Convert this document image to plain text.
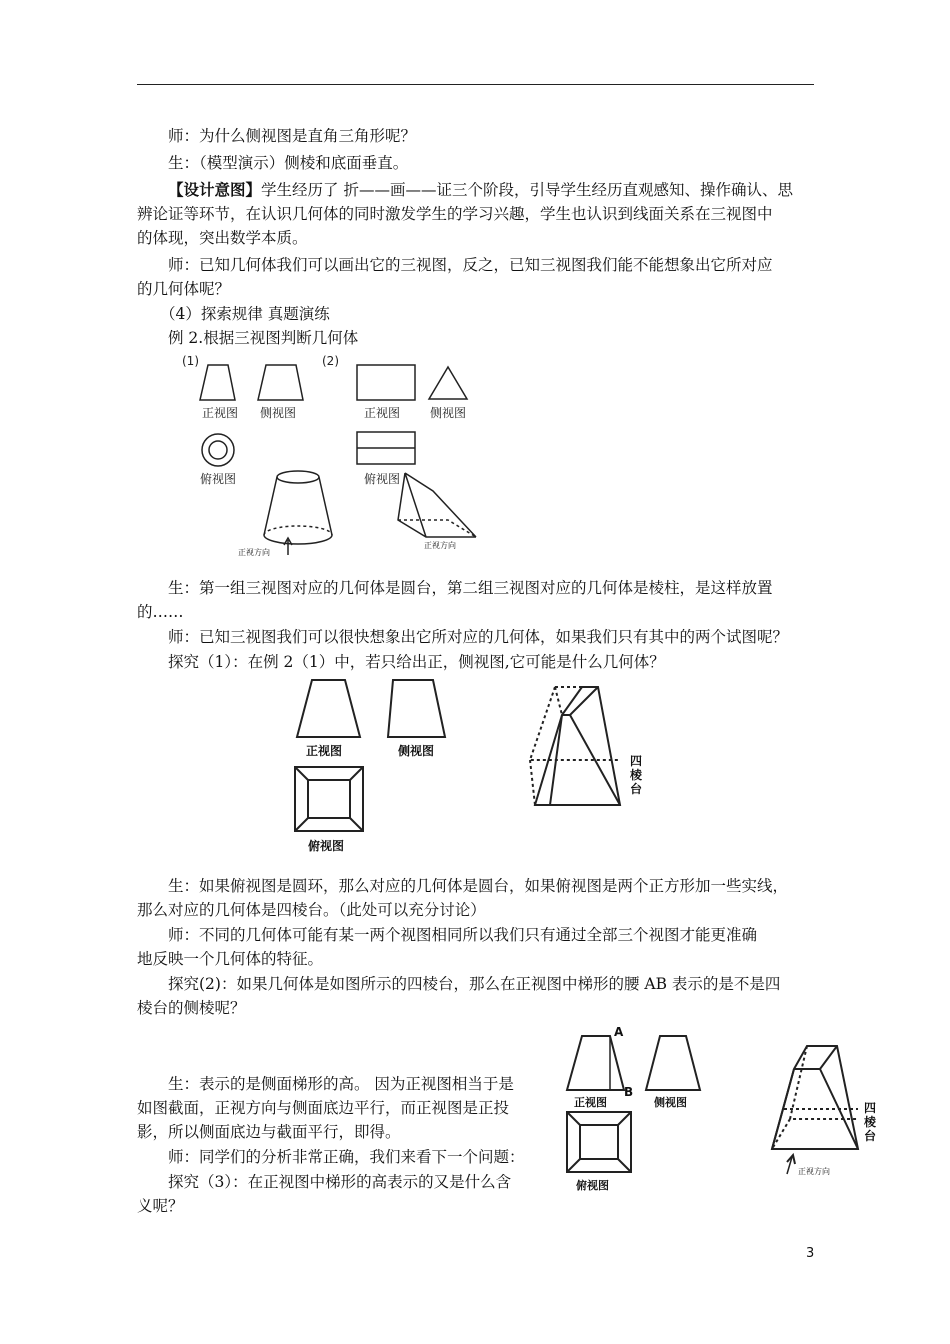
师：为什么侧视图是直角三角形呢？
生：（模型演示）侧棱和底面垂直。
【设计意图】学生经历了 折——画——证三个阶段，引导学生经历直观感知、操作确认、思
辨论证等环节，在认识几何体的同时激发学生的学习兴趣，学生也认识到线面关系在三视图中
的体现，突出数学本质。
师：已知几何体我们可以画出它的三视图，反之，已知三视图我们能不能想象出它所对应
的几何体呢？
（4）探索规律 真题演练
例 2.根据三视图判断几何体
(1)	(2)
正视图 侧视图
俯视图
正视图 侧视图
俯视图
正视方向
正视方向
生：第一组三视图对应的几何体是圆台，第二组三视图对应的几何体是棱柱，是这样放置
的……
师：已知三视图我们可以很快想象出它所对应的几何体，如果我们只有其中的两个试图呢？
探究（1）：在例 2（1）中，若只给出正，侧视图,它可能是什么几何体？
正视图	侧视图
俯视图
四
棱
台
生：如果俯视图是圆环，那么对应的几何体是圆台，如果俯视图是两个正方形加一些实线，
那么对应的几何体是四棱台。（此处可以充分讨论）
师：不同的几何体可能有某一两个视图相同所以我们只有通过全部三个视图才能更准确
地反映一个几何体的特征。
探究(2)：如果几何体是如图所示的四棱台，那么在正视图中梯形的腰 AB 表示的是不是四
棱台的侧棱呢？
生：表示的是侧面梯形的高。 因为正视图相当于是
如图截面，正视方向与侧面底边平行，而正视图是正投
影，所以侧面底边与截面平行，即得。
师：同学们的分析非常正确，我们来看下一个问题：
探究（3）：在正视图中梯形的高表示的又是什么含
义呢？
A
B
正视图	侧视图
俯视图
四
棱
台
正视方向
3
